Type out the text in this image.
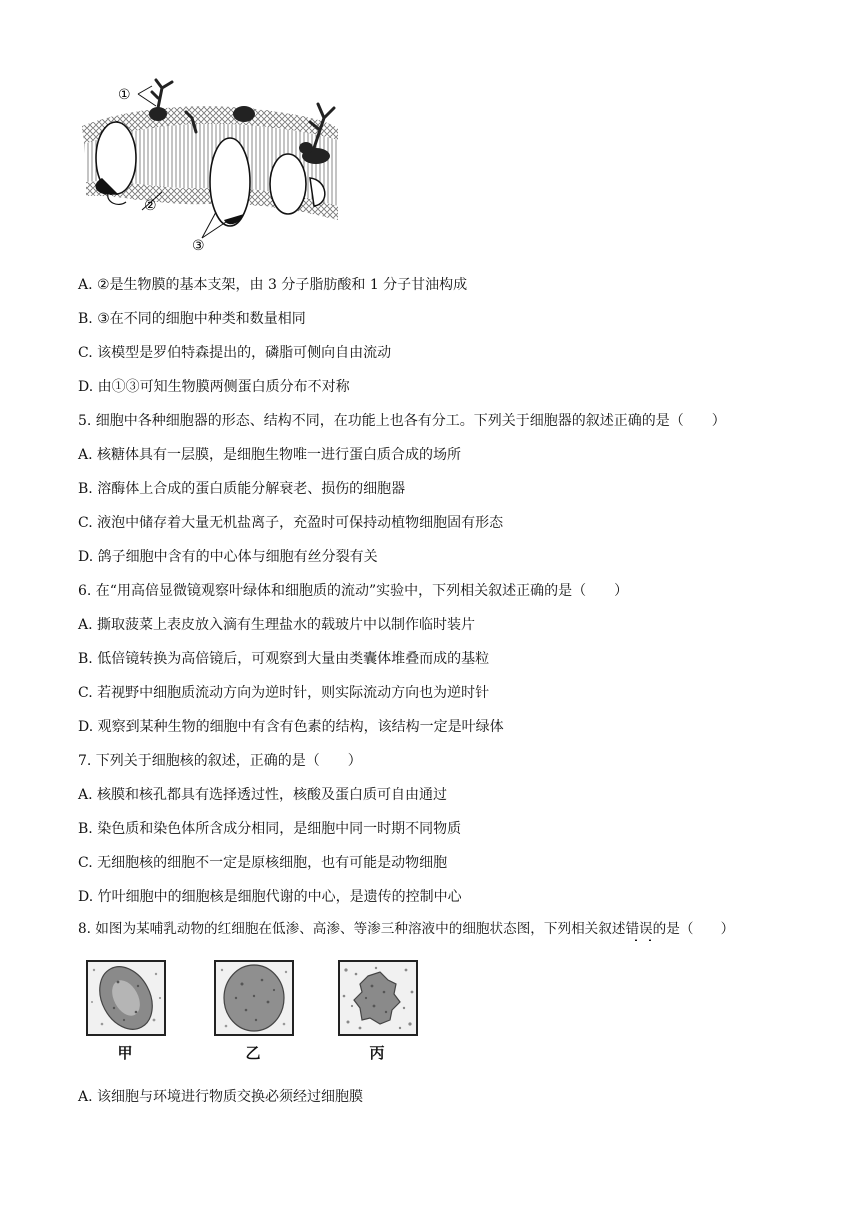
①
②
③
A. ②是生物膜的基本支架，由 3 分子脂肪酸和 1 分子甘油构成
B. ③在不同的细胞中种类和数量相同
C. 该模型是罗伯特森提出的，磷脂可侧向自由流动
D. 由①③可知生物膜两侧蛋白质分布不对称
5. 细胞中各种细胞器的形态、结构不同，在功能上也各有分工。下列关于细胞器的叙述正确的是（　　）
A. 核糖体具有一层膜，是细胞生物唯一进行蛋白质合成的场所
B. 溶酶体上合成的蛋白质能分解衰老、损伤的细胞器
C. 液泡中储存着大量无机盐离子，充盈时可保持动植物细胞固有形态
D. 鸽子细胞中含有的中心体与细胞有丝分裂有关
6. 在“用高倍显微镜观察叶绿体和细胞质的流动”实验中，下列相关叙述正确的是（　　）
A. 撕取菠菜上表皮放入滴有生理盐水的载玻片中以制作临时装片
B. 低倍镜转换为高倍镜后，可观察到大量由类囊体堆叠而成的基粒
C. 若视野中细胞质流动方向为逆时针，则实际流动方向也为逆时针
D. 观察到某种生物的细胞中有含有色素的结构，该结构一定是叶绿体
7. 下列关于细胞核的叙述，正确的是（　　）
A. 核膜和核孔都具有选择透过性，核酸及蛋白质可自由通过
B. 染色质和染色体所含成分相同，是细胞中同一时期不同物质
C. 无细胞核的细胞不一定是原核细胞，也有可能是动物细胞
D. 竹叶细胞中的细胞核是细胞代谢的中心，是遗传的控制中心
8. 如图为某哺乳动物的红细胞在低渗、高渗、等渗三种溶液中的细胞状态图，下列相关叙述错误的是（　　）
甲	乙	丙
A. 该细胞与环境进行物质交换必须经过细胞膜
